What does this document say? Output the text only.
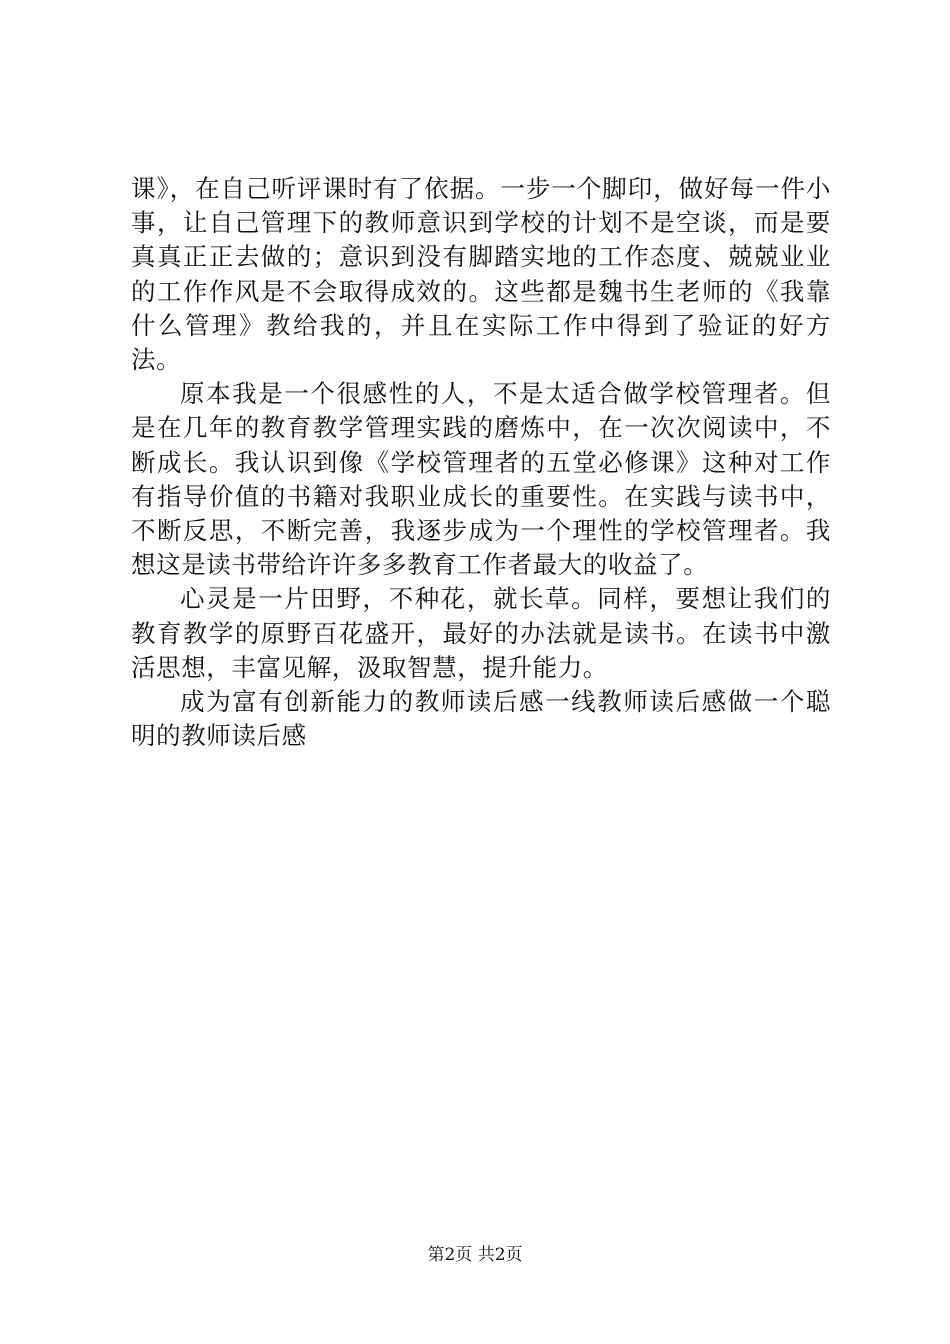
课》，在自己听评课时有了依据。一步一个脚印，做好每一件小事，让自己管理下的教师意识到学校的计划不是空谈，而是要真真正正去做的；意识到没有脚踏实地的工作态度、兢兢业业的工作作风是不会取得成效的。这些都是魏书生老师的《我靠什么管理》教给我的，并且在实际工作中得到了验证的好方法。

原本我是一个很感性的人，不是太适合做学校管理者。但是在几年的教育教学管理实践的磨炼中，在一次次阅读中，不断成长。我认识到像《学校管理者的五堂必修课》这种对工作有指导价值的书籍对我职业成长的重要性。在实践与读书中，不断反思，不断完善，我逐步成为一个理性的学校管理者。我想这是读书带给许许多多教育工作者最大的收益了。

心灵是一片田野，不种花，就长草。同样，要想让我们的教育教学的原野百花盛开，最好的办法就是读书。在读书中激活思想，丰富见解，汲取智慧，提升能力。

成为富有创新能力的教师读后感一线教师读后感做一个聪明的教师读后感

第2页 共2页
